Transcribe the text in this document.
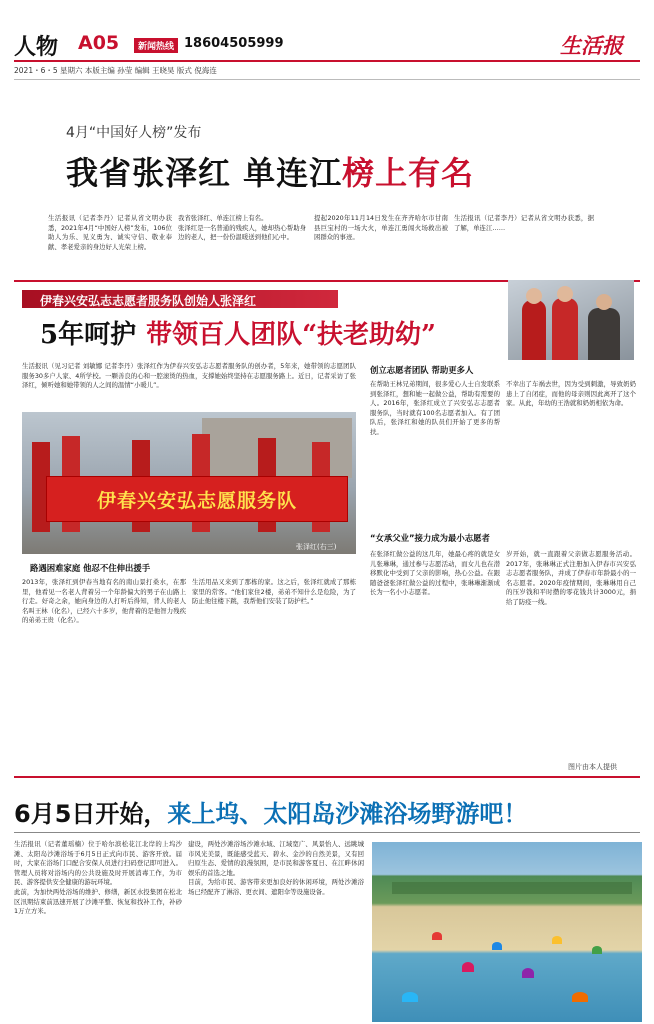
人物 A05	新闻热线 18604505999	生活报
2021・6・5 星期六 本版主编 孙莹 编辑 王晓昊 版式 倪海连
4月“中国好人榜”发布
我省张泽红 单连江榜上有名
生活报讯（记者李丹）记者从省文明办获悉，2021年4月“中国好人榜”发布，106位助人为乐、见义勇为、诚实守信、敬业奉献、孝老爱亲的身边好人光荣上榜。
我省张泽红、单连江榜上有名。
张泽红是一名普通的残疾人，她却热心帮助身边的老人，把一份份温暖送到他们心中。
提起2020年11月14日发生在齐齐哈尔市甘南县巨宝村的一场大火，单连江勇闯火场救出被困群众的事迹。
生活报讯（记者李丹）记者从省文明办获悉，据了解，单连江……
伊春兴安弘志志愿者服务队创始人张泽红
5年呵护 带领百人团队“扶老助幼”
生活报讯（见习记者 刘敏娜 记者李丹）张泽红作为伊春兴安弘志志愿者服务队的创办者，5年来，她带领的志愿团队服务30多户人家、4所学校。一颗善良的心和一腔滚烫的热血，支撑她始终坚持在志愿服务路上。近日，记者采访了张泽红，倾听她和她带领的人之间的温情“小暖儿”。
伊春兴安弘志愿服务队
张泽红(右三)
创立志愿者团队 帮助更多人
在帮助王林兄弟期间，很多爱心人士自发联系到张泽红，想和她一起做公益，帮助有需要的人。2016年，张泽红成立了兴安弘志志愿者服务队，当时就有100名志愿者加入。有了团队后，张泽红和她的队员们开始了更多的帮扶。
不幸出了车祸去世，因为受到刺激，导致奶奶患上了自闭症，而他的母亲则因此离开了这个家。从此，年幼的王浩就和奶奶相依为命。
“女承父业”接力成为最小志愿者
在张泽红做公益的这几年，她最心疼的就是女儿张琳琳，通过参与志愿活动，而女儿也在潜移默化中受到了父亲的影响，热心公益。在跟随爸爸张泽红做公益的过程中，张琳琳渐渐成长为一名小小志愿者。
岁开始，就一直跟着父亲做志愿服务活动。2017年，张琳琳正式注册加入伊春市兴安弘志志愿者服务队，并成了伊春市年龄最小的一名志愿者。2020年疫情期间，张琳琳用自己的压岁钱和平时攒的零花钱共计3000元，捐给了防疫一线。
路遇困难家庭 他忍不住伸出援手
2013年，张泽红到伊春当地有名的南山景打桑水，在那里，他看见一名老人背着另一个年龄偏大的男子在山路上行走。好奇之余，她向身边的人打听后得知，背人的老人名叫王林（化名），已经六十多岁，他背着的是他智力残疾的弟弟王贵（化名）。
生活用品又来到了那栋的家。这之后，张泽红就成了那栋家里的常客。“他们家住2楼，弟弟不知什么是危险，为了防止他往楼下跳，我帮他们安装了防护栏。”
图片由本人提供
6月5日开始，来上坞、太阳岛沙滩浴场野游吧！
生活报讯（记者董瑶楠）位于哈尔滨松花江北岸的上坞沙滩、太阳岛沙滩浴场于6月5日正式向市民、游客开放。届时，大家在浴场门口配合安保人员进行扫码登记即可进入。管理人员将对浴场内的公共设施及时开展消毒工作，为市民、游客提供安全健康的游玩环境。
此前，为加快两处浴场的维护、修缮，新区水投集团在松北区汛期结束前迅速开展了沙滩平整、恢复和找补工作，补砂1万立方米。
建设，两处沙滩浴场沙滩水域、江域宽广、风景怡人、远眺城市风光美景，既能感受蓝天、碧水、金沙的自然美景，又有回归原生态、爱情的浪漫氛围，是市民和游客夏日、在江畔休闲娱乐的首选之地。
目前，为给市民、游客带来更加良好的休闲环境，两处沙滩浴场已经配齐了淋浴、更衣间、遮阳伞等设施设备。
